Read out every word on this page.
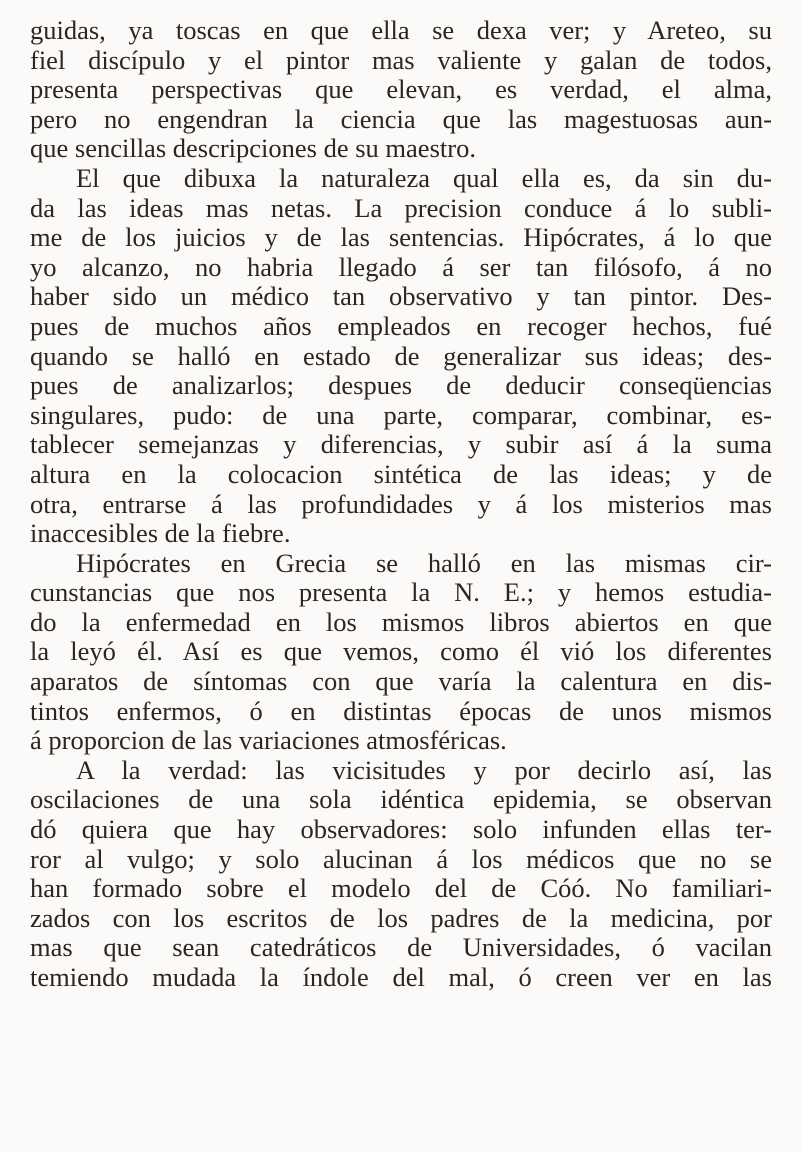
guidas, ya toscas en que ella se dexa ver; y Areteo, su
fiel discípulo y el pintor mas valiente y galan de todos,
presenta perspectivas que elevan, es verdad, el alma,
pero no engendran la ciencia que las magestuosas aun-
que sencillas descripciones de su maestro.
El que dibuxa la naturaleza qual ella es, da sin du-
da las ideas mas netas. La precision conduce á lo subli-
me de los juicios y de las sentencias. Hipócrates, á lo que
yo alcanzo, no habria llegado á ser tan filósofo, á no
haber sido un médico tan observativo y tan pintor. Des-
pues de muchos años empleados en recoger hechos, fué
quando se halló en estado de generalizar sus ideas; des-
pues de analizarlos; despues de deducir conseqüencias
singulares, pudo: de una parte, comparar, combinar, es-
tablecer semejanzas y diferencias, y subir así á la suma
altura en la colocacion sintética de las ideas; y de
otra, entrarse á las profundidades y á los misterios mas
inaccesibles de la fiebre.
Hipócrates en Grecia se halló en las mismas cir-
cunstancias que nos presenta la N. E.; y hemos estudia-
do la enfermedad en los mismos libros abiertos en que
la leyó él. Así es que vemos, como él vió los diferentes
aparatos de síntomas con que varía la calentura en dis-
tintos enfermos, ó en distintas épocas de unos mismos
á proporcion de las variaciones atmosféricas.
A la verdad: las vicisitudes y por decirlo así, las
oscilaciones de una sola idéntica epidemia, se observan
dó quiera que hay observadores: solo infunden ellas ter-
ror al vulgo; y solo alucinan á los médicos que no se
han formado sobre el modelo del de Cóó. No familiari-
zados con los escritos de los padres de la medicina, por
mas que sean catedráticos de Universidades, ó vacilan
temiendo mudada la índole del mal, ó creen ver en las
